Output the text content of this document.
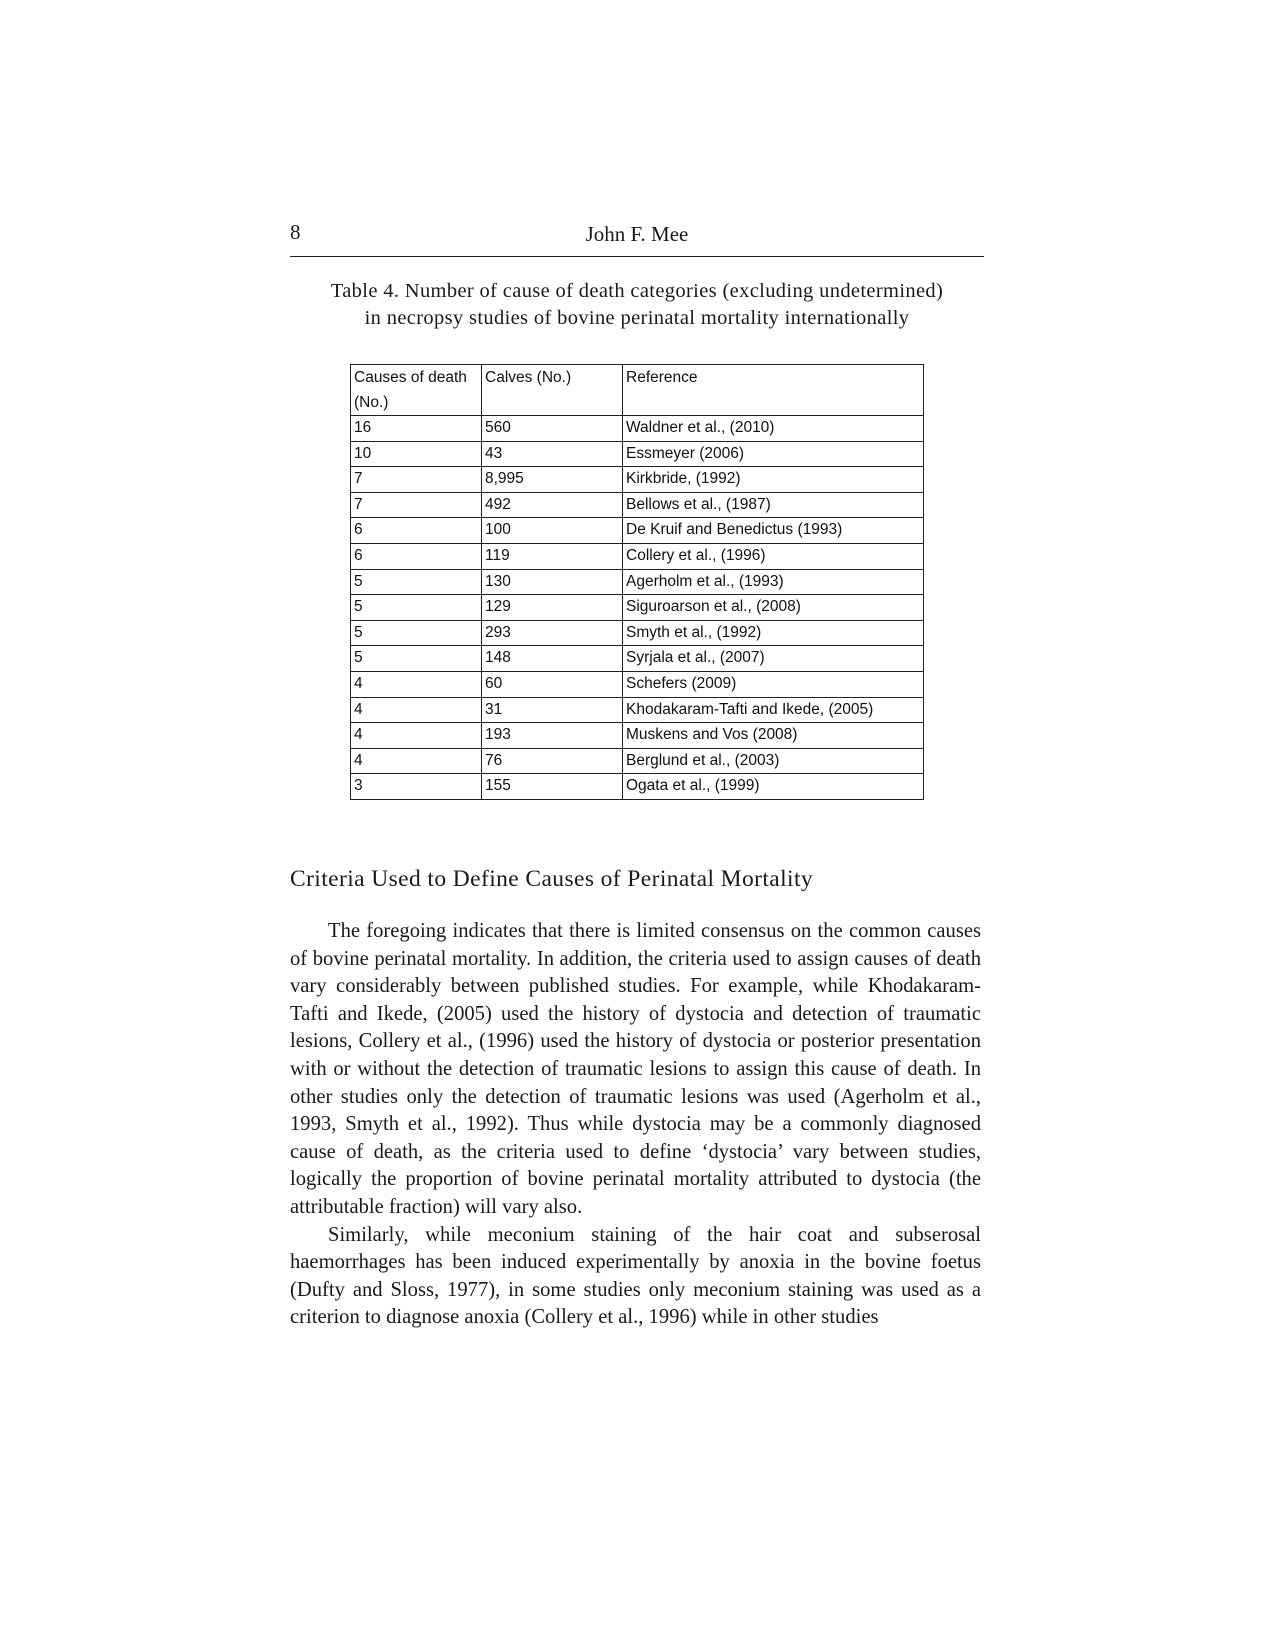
8	John F. Mee
Table 4. Number of cause of death categories (excluding undetermined)
in necropsy studies of bovine perinatal mortality internationally
Causes of death (No.)	Calves (No.)	Reference
16	560	Waldner et al., (2010)
10	43	Essmeyer (2006)
7	8,995	Kirkbride, (1992)
7	492	Bellows et al., (1987)
6	100	De Kruif and Benedictus (1993)
6	119	Collery et al., (1996)
5	130	Agerholm et al., (1993)
5	129	Siguroarson et al., (2008)
5	293	Smyth et al., (1992)
5	148	Syrjala et al., (2007)
4	60	Schefers (2009)
4	31	Khodakaram-Tafti and Ikede, (2005)
4	193	Muskens and Vos (2008)
4	76	Berglund et al., (2003)
3	155	Ogata et al., (1999)
Criteria Used to Define Causes of Perinatal Mortality

The foregoing indicates that there is limited consensus on the common causes of bovine perinatal mortality. In addition, the criteria used to assign causes of death vary considerably between published studies. For example, while Khodakaram-Tafti and Ikede, (2005) used the history of dystocia and detection of traumatic lesions, Collery et al., (1996) used the history of dystocia or posterior presentation with or without the detection of traumatic lesions to assign this cause of death. In other studies only the detection of traumatic lesions was used (Agerholm et al., 1993, Smyth et al., 1992). Thus while dystocia may be a commonly diagnosed cause of death, as the criteria used to define ‘dystocia’ vary between studies, logically the proportion of bovine perinatal mortality attributed to dystocia (the attributable fraction) will vary also.

Similarly, while meconium staining of the hair coat and subserosal haemorrhages has been induced experimentally by anoxia in the bovine foetus (Dufty and Sloss, 1977), in some studies only meconium staining was used as a criterion to diagnose anoxia (Collery et al., 1996) while in other studies
